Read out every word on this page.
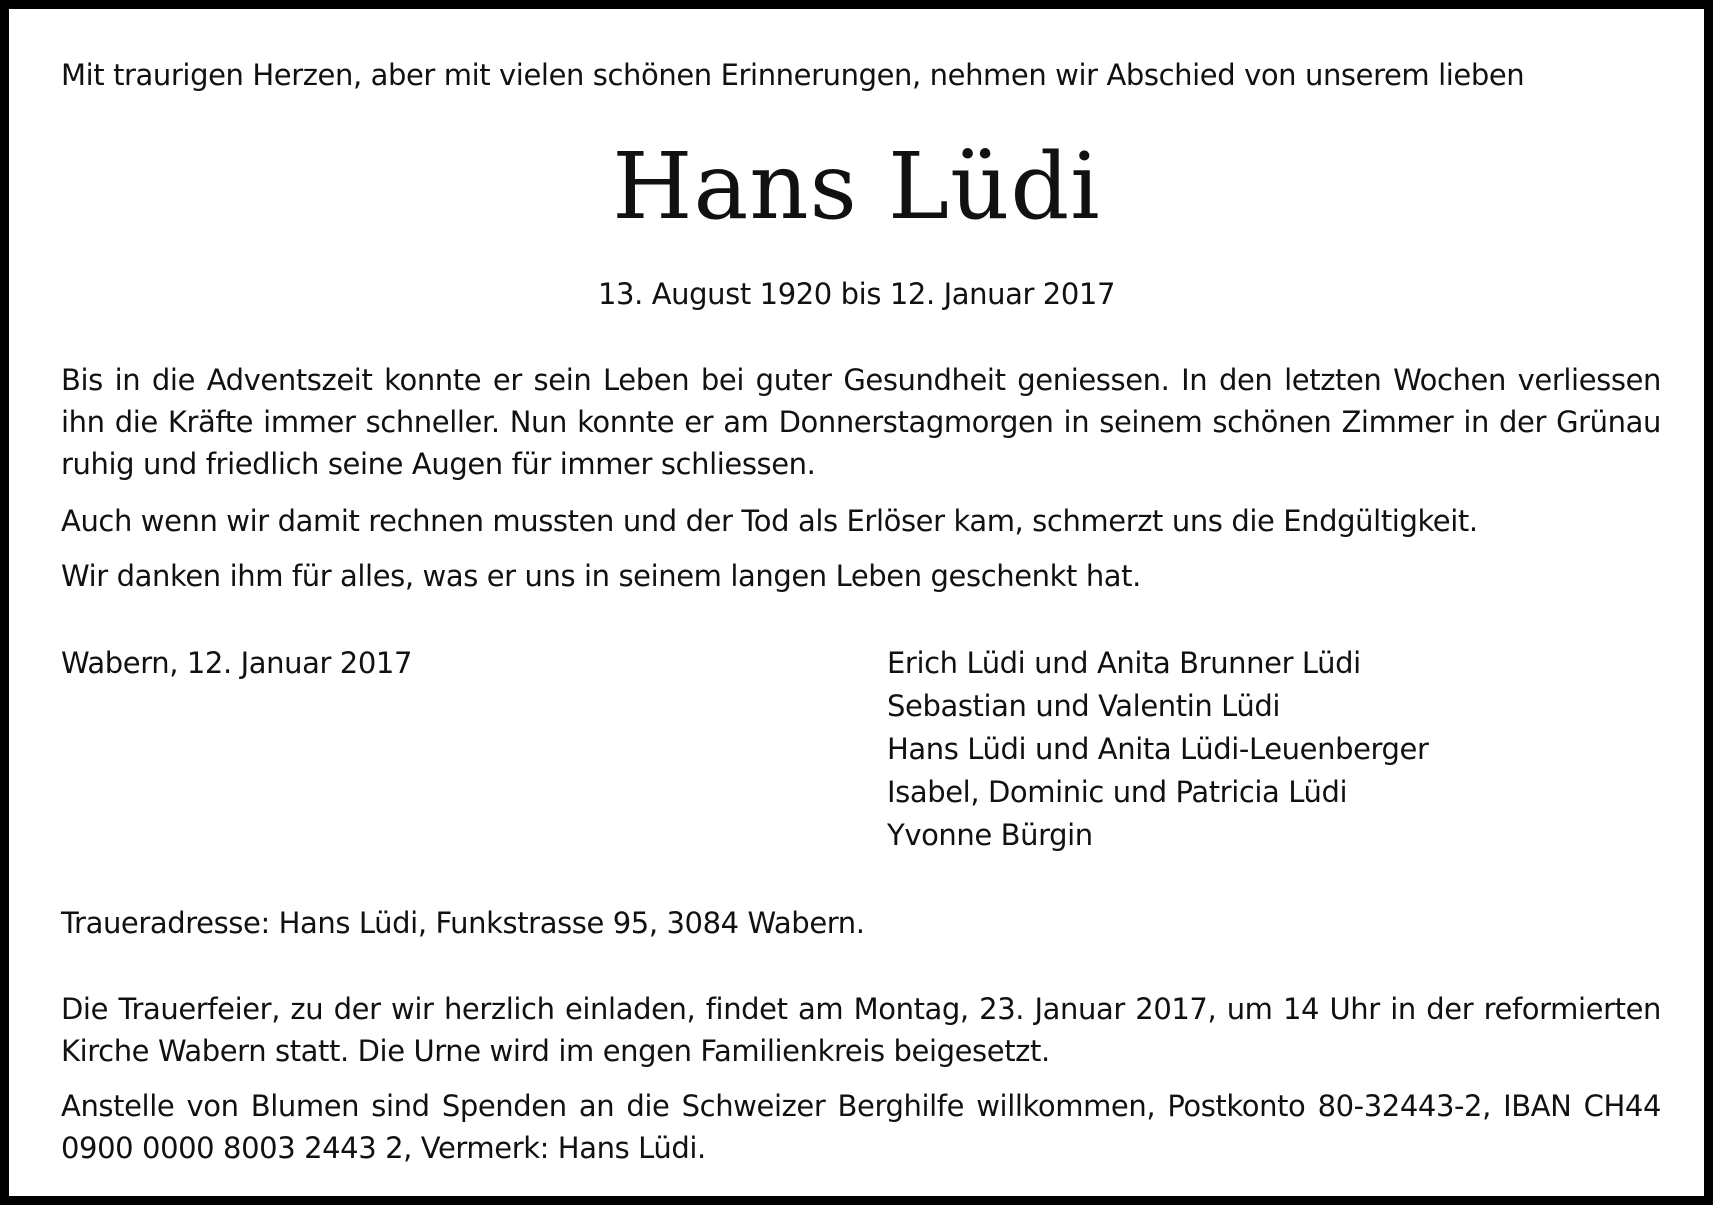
Mit traurigen Herzen, aber mit vielen schönen Erinnerungen, nehmen wir Abschied von unserem lieben

Hans Lüdi

13. August 1920 bis 12. Januar 2017

Bis in die Adventszeit konnte er sein Leben bei guter Gesundheit geniessen. In den letzten Wochen verliessen ihn die Kräfte immer schneller. Nun konnte er am Donnerstagmorgen in seinem schönen Zimmer in der Grünau ruhig und friedlich seine Augen für immer schliessen.

Auch wenn wir damit rechnen mussten und der Tod als Erlöser kam, schmerzt uns die Endgültigkeit.

Wir danken ihm für alles, was er uns in seinem langen Leben geschenkt hat.

Wabern, 12. Januar 2017	Erich Lüdi und Anita Brunner Lüdi
Sebastian und Valentin Lüdi
Hans Lüdi und Anita Lüdi-Leuenberger
Isabel, Dominic und Patricia Lüdi
Yvonne Bürgin

Traueradresse: Hans Lüdi, Funkstrasse 95, 3084 Wabern.

Die Trauerfeier, zu der wir herzlich einladen, findet am Montag, 23. Januar 2017, um 14 Uhr in der reformierten Kirche Wabern statt. Die Urne wird im engen Familienkreis beigesetzt.

Anstelle von Blumen sind Spenden an die Schweizer Berghilfe willkommen, Postkonto 80-32443-2, IBAN CH44 0900 0000 8003 2443 2, Vermerk: Hans Lüdi.
